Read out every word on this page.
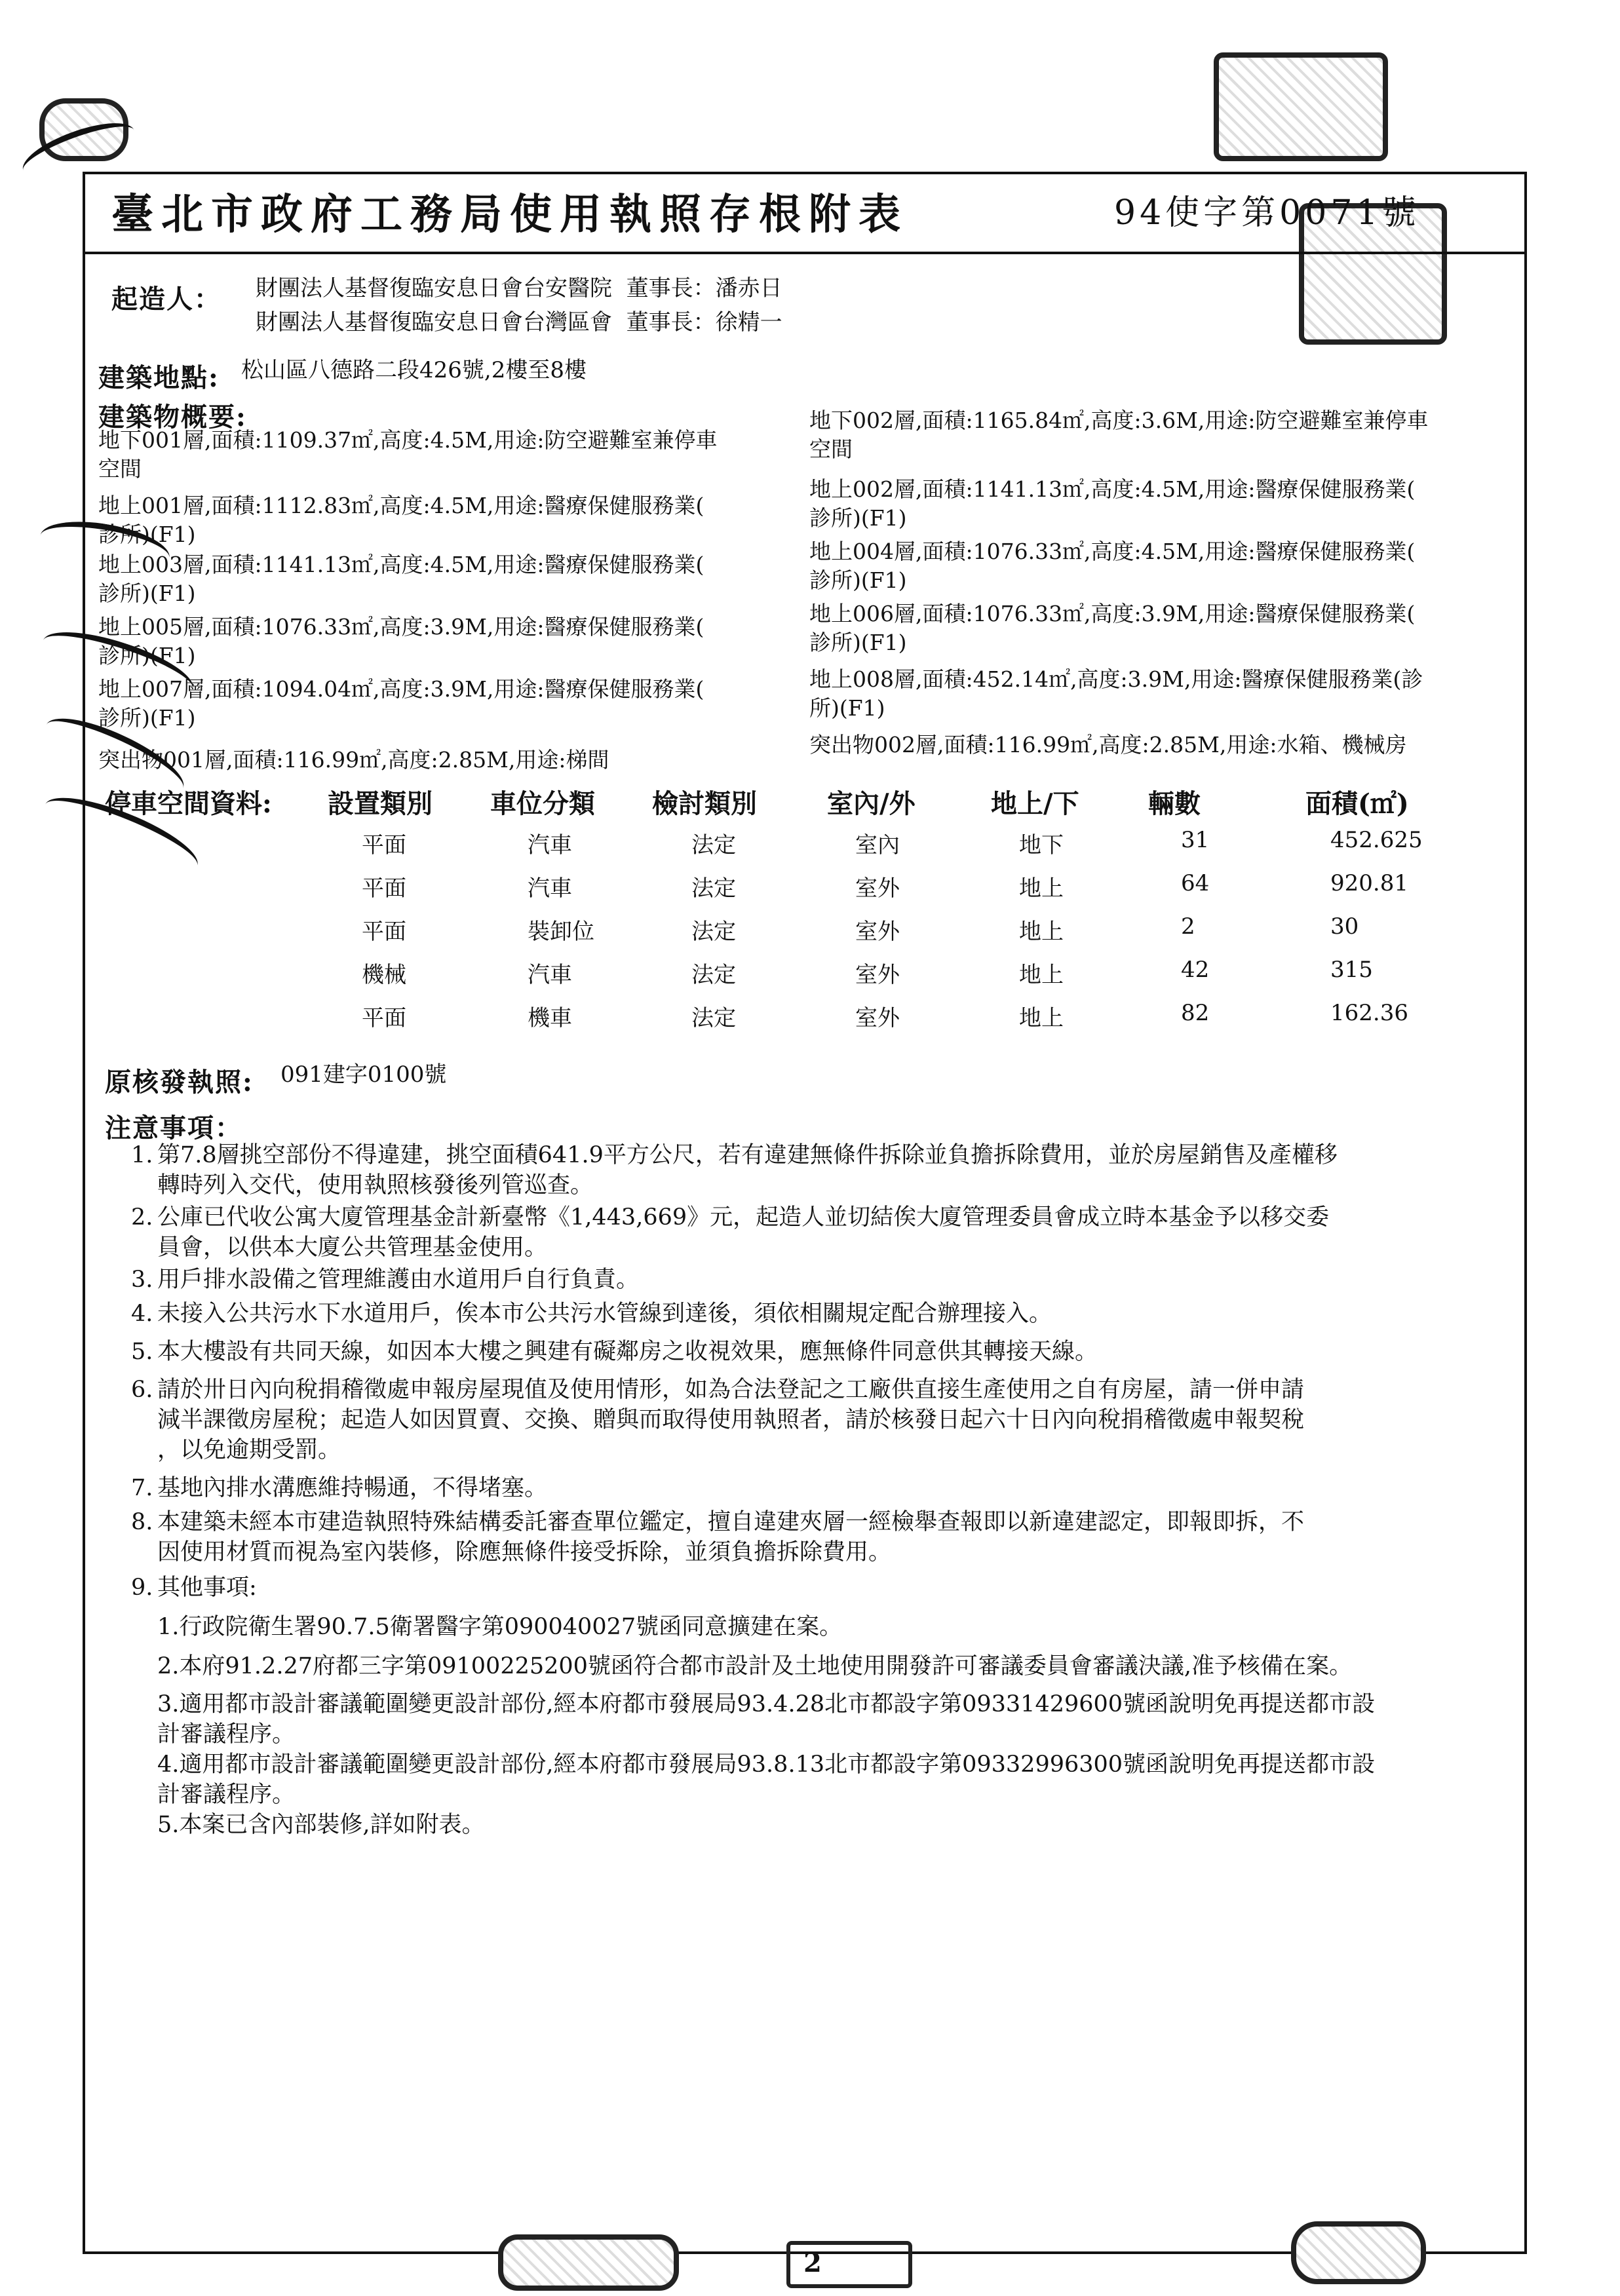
臺北市政府工務局使用執照存根附表	94使字第0071號
起造人： 財團法人基督復臨安息日會台安醫院  董事長：潘赤日
財團法人基督復臨安息日會台灣區會  董事長：徐精一
建築地點: 松山區八德路二段426號,2樓至8樓
建築物概要:
地下001層,面積:1109.37㎡,高度:4.5M,用途:防空避難室兼停車
空間
地上001層,面積:1112.83㎡,高度:4.5M,用途:醫療保健服務業(
診所)(F1)
地上003層,面積:1141.13㎡,高度:4.5M,用途:醫療保健服務業(
診所)(F1)
地上005層,面積:1076.33㎡,高度:3.9M,用途:醫療保健服務業(
診所)(F1)
地上007層,面積:1094.04㎡,高度:3.9M,用途:醫療保健服務業(
診所)(F1)
突出物001層,面積:116.99㎡,高度:2.85M,用途:梯間
地下002層,面積:1165.84㎡,高度:3.6M,用途:防空避難室兼停車
空間
地上002層,面積:1141.13㎡,高度:4.5M,用途:醫療保健服務業(
診所)(F1)
地上004層,面積:1076.33㎡,高度:4.5M,用途:醫療保健服務業(
診所)(F1)
地上006層,面積:1076.33㎡,高度:3.9M,用途:醫療保健服務業(
診所)(F1)
地上008層,面積:452.14㎡,高度:3.9M,用途:醫療保健服務業(診
所)(F1)
突出物002層,面積:116.99㎡,高度:2.85M,用途:水箱、機械房
停車空間資料: 設置類別 車位分類 檢討類別	室內/外	地上/下	輛數	面積(㎡)
平面	汽車	法定	室內	地下	31	452.625
平面	汽車	法定	室外	地上	64	920.81
平面	裝卸位	法定	室外	地上	2	30
機械	汽車	法定	室外	地上	42	315
平面	機車	法定	室外	地上	82	162.36
原核發執照: 091建字0100號
注意事項：
1. 第7.8層挑空部份不得違建，挑空面積641.9平方公尺，若有違建無條件拆除並負擔拆除費用，並於房屋銷售及產權移
轉時列入交代，使用執照核發後列管巡查。
2. 公庫已代收公寓大廈管理基金計新臺幣《1,443,669》元，起造人並切結俟大廈管理委員會成立時本基金予以移交委
員會，以供本大廈公共管理基金使用。
3. 用戶排水設備之管理維護由水道用戶自行負責。
4. 未接入公共污水下水道用戶，俟本市公共污水管線到達後，須依相關規定配合辦理接入。
5. 本大樓設有共同天線，如因本大樓之興建有礙鄰房之收視效果，應無條件同意供其轉接天線。
6. 請於卅日內向稅捐稽徵處申報房屋現值及使用情形，如為合法登記之工廠供直接生產使用之自有房屋，請一併申請
減半課徵房屋稅；起造人如因買賣、交換、贈與而取得使用執照者，請於核發日起六十日內向稅捐稽徵處申報契稅
，以免逾期受罰。
7. 基地內排水溝應維持暢通，不得堵塞。
8. 本建築未經本市建造執照特殊結構委託審查單位鑑定，擅自違建夾層一經檢舉查報即以新違建認定，即報即拆，不
因使用材質而視為室內裝修，除應無條件接受拆除，並須負擔拆除費用。
9. 其他事項:
1.行政院衛生署90.7.5衛署醫字第090040027號函同意擴建在案。
2.本府91.2.27府都三字第09100225200號函符合都市設計及土地使用開發許可審議委員會審議決議,准予核備在案。
3.適用都市設計審議範圍變更設計部份,經本府都市發展局93.4.28北市都設字第09331429600號函說明免再提送都市設
計審議程序。
4.適用都市設計審議範圍變更設計部份,經本府都市發展局93.8.13北市都設字第09332996300號函說明免再提送都市設
計審議程序。
5.本案已含內部裝修,詳如附表。
2
